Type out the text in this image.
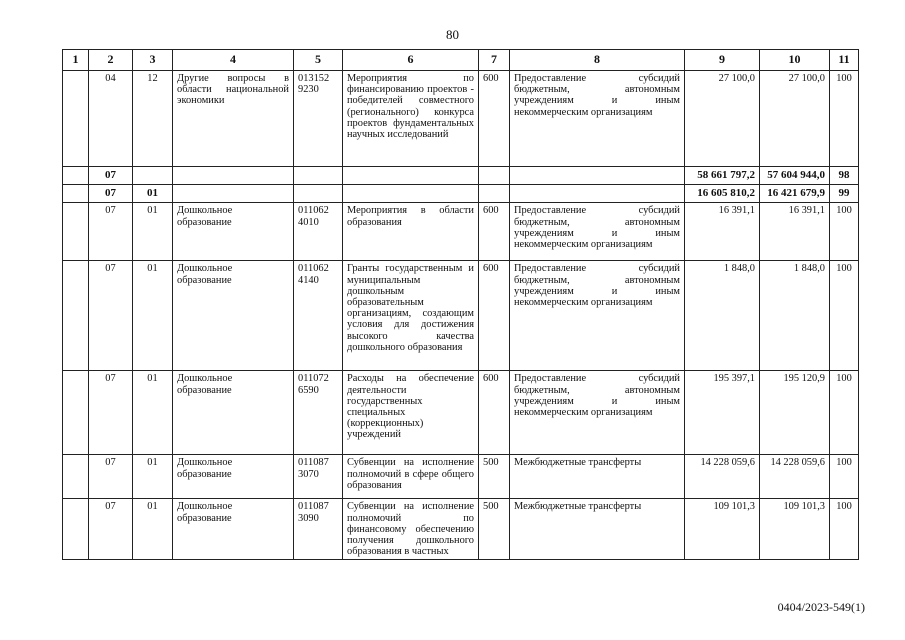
80
1	2	3	4	5	6	7	8	9	10	11
	04	12	Другие вопросы в области национальной экономики	013152 9230	Мероприятия по финансированию проектов - победителей совместного (регионального) конкурса проектов фундаментальных научных исследований	600	Предоставление субсидий бюджетным, автономным учреждениям и иным некоммерческим организациям	27 100,0	27 100,0	100
	07							58 661 797,2	57 604 944,0	98
	07	01						16 605 810,2	16 421 679,9	99
	07	01	Дошкольное образование	011062 4010	Мероприятия в области образования	600	Предоставление субсидий бюджетным, автономным учреждениям и иным некоммерческим организациям	16 391,1	16 391,1	100
	07	01	Дошкольное образование	011062 4140	Гранты государственным и муниципальным дошкольным образовательным организациям, создающим условия для достижения высокого качества дошкольного образования	600	Предоставление субсидий бюджетным, автономным учреждениям и иным некоммерческим организациям	1 848,0	1 848,0	100
	07	01	Дошкольное образование	011072 6590	Расходы на обеспечение деятельности государственных специальных (коррекционных) учреждений	600	Предоставление субсидий бюджетным, автономным учреждениям и иным некоммерческим организациям	195 397,1	195 120,9	100
	07	01	Дошкольное образование	011087 3070	Субвенции на исполнение полномочий в сфере общего образования	500	Межбюджетные трансферты	14 228 059,6	14 228 059,6	100
	07	01	Дошкольное образование	011087 3090	Субвенции на исполнение полномочий по финансовому обеспечению получения дошкольного образования в частных	500	Межбюджетные трансферты	109 101,3	109 101,3	100
0404/2023-549(1)
